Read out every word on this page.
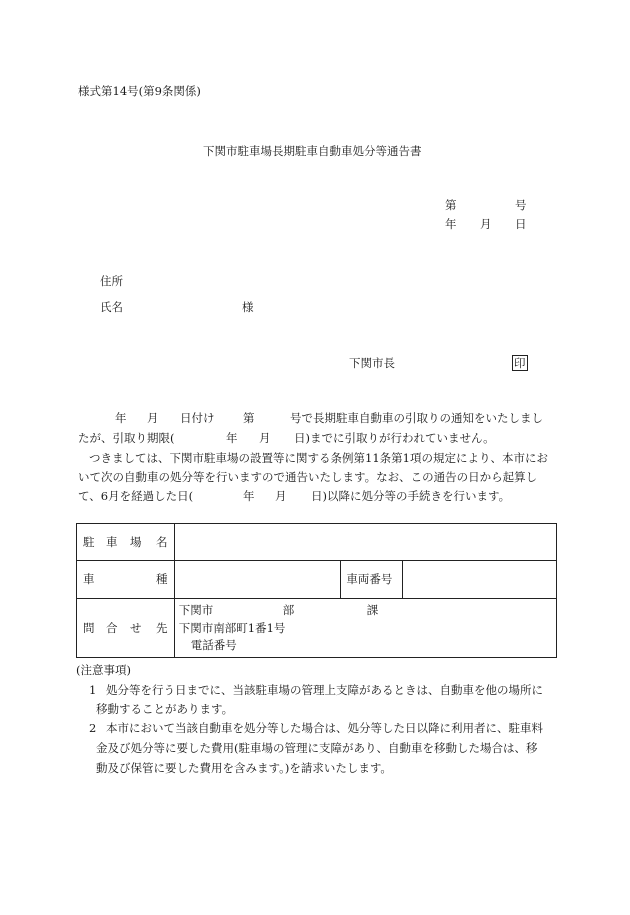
様式第14号(第9条関係)
下関市駐車場長期駐車自動車処分等通告書
第	号
年 月 日
住所
氏名	様
下関市長	印
年 月 日付け 第	号で長期駐車自動車の引取りの通知をいたしまし
たが、引取り期限(	年 月 日)までに引取りが行われていません。
つきましては、下関市駐車場の設置等に関する条例第11条第1項の規定により、本市にお
いて次の自動車の処分等を行いますので通告いたします。なお、この通告の日から起算し
て、6月を経過した日(	年 月 日)以降に処分等の手続きを行います。
駐 車 場 名			

車 種		車両番号	

問 合 せ 先	下関市 部 課
下関市南部町1番1号
電話番号		
(注意事項)
1 処分等を行う日までに、当該駐車場の管理上支障があるときは、自動車を他の場所に
移動することがあります。
2 本市において当該自動車を処分等した場合は、処分等した日以降に利用者に、駐車料
金及び処分等に要した費用(駐車場の管理に支障があり、自動車を移動した場合は、移
動及び保管に要した費用を含みます。)を請求いたします。
